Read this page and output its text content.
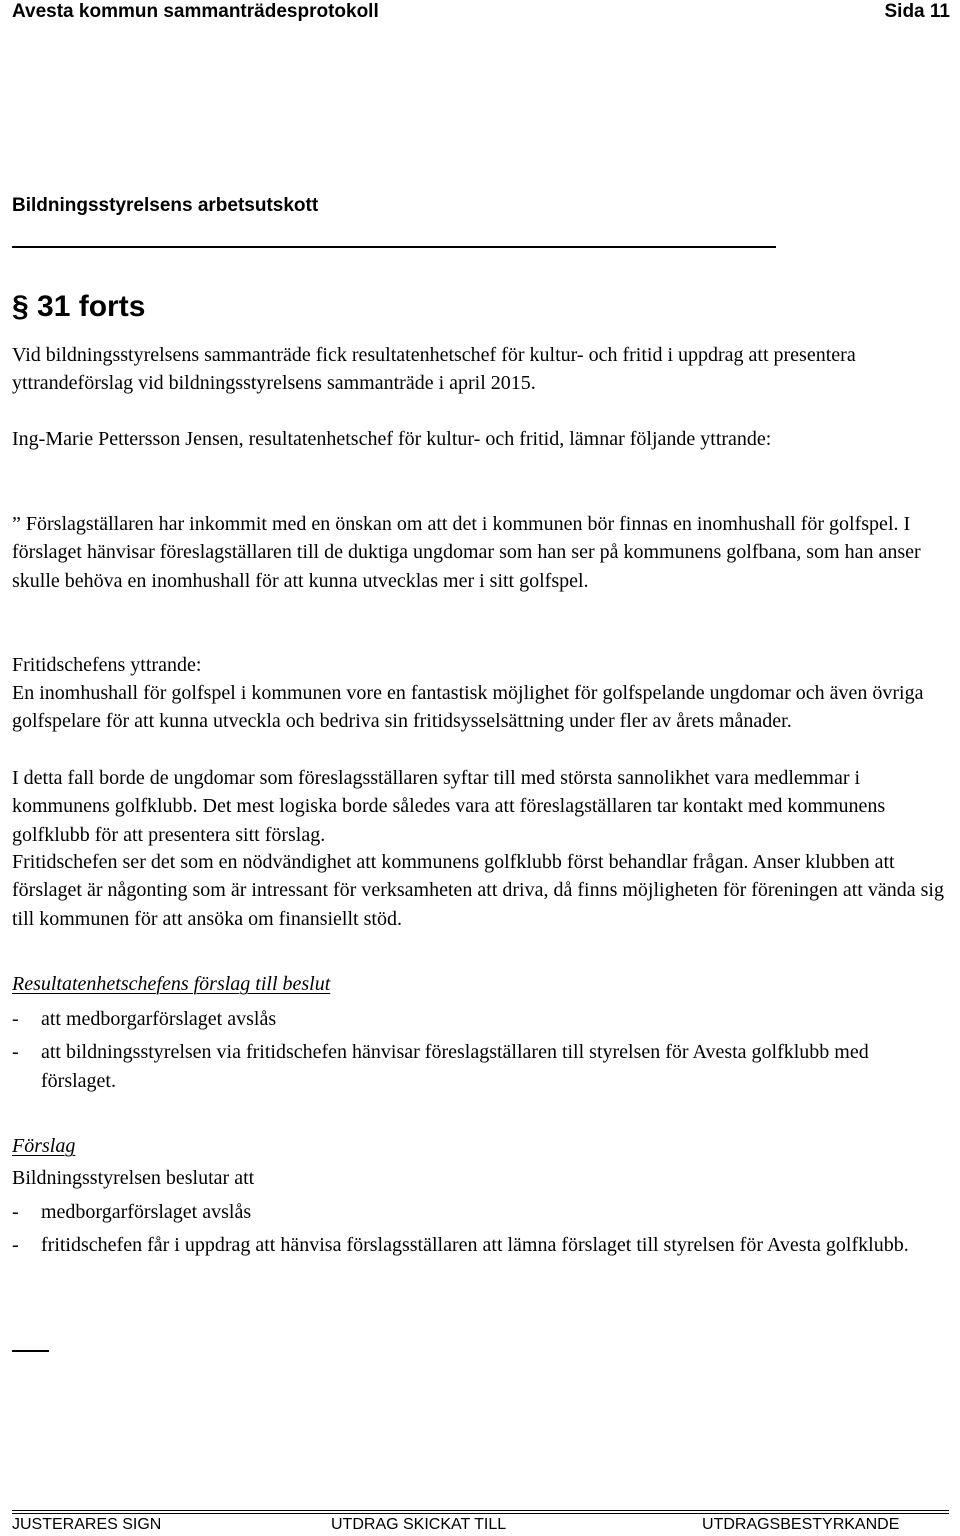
Avesta kommun sammanträdesprotokoll	Sida 11
Bildningsstyrelsens arbetsutskott
§ 31 forts

Vid bildningsstyrelsens sammanträde fick resultatenhetschef för kultur- och fritid i uppdrag att presentera yttrandeförslag vid bildningsstyrelsens sammanträde i april 2015.

Ing-Marie Pettersson Jensen, resultatenhetschef för kultur- och fritid, lämnar följande yttrande:

” Förslagställaren har inkommit med en önskan om att det i kommunen bör finnas en inomhushall för golfspel. I förslaget hänvisar föreslagställaren till de duktiga ungdomar som han ser på kommunens golfbana, som han anser skulle behöva en inomhushall för att kunna utvecklas mer i sitt golfspel.

Fritidschefens yttrande:

En inomhushall för golfspel i kommunen vore en fantastisk möjlighet för golfspelande ungdomar och även övriga golfspelare för att kunna utveckla och bedriva sin fritidsysselsättning under fler av årets månader.

I detta fall borde de ungdomar som föreslagsställaren syftar till med största sannolikhet vara medlemmar i kommunens golfklubb. Det mest logiska borde således vara att föreslagställaren tar kontakt med kommunens golfklubb för att presentera sitt förslag.

Fritidschefen ser det som en nödvändighet att kommunens golfklubb först behandlar frågan. Anser klubben att förslaget är någonting som är intressant för verksamheten att driva, då finns möjligheten för föreningen att vända sig till kommunen för att ansöka om finansiellt stöd.

Resultatenhetschefens förslag till beslut

- att medborgarförslaget avslås
- att bildningsstyrelsen via fritidschefen hänvisar föreslagställaren till styrelsen för Avesta golfklubb med förslaget.

Förslag

Bildningsstyrelsen beslutar att

- medborgarförslaget avslås
- fritidschefen får i uppdrag att hänvisa förslagsställaren att lämna förslaget till styrelsen för Avesta golfklubb.
JUSTERARES SIGN	UTDRAG SKICKAT TILL	UTDRAGSBESTYRKANDE
